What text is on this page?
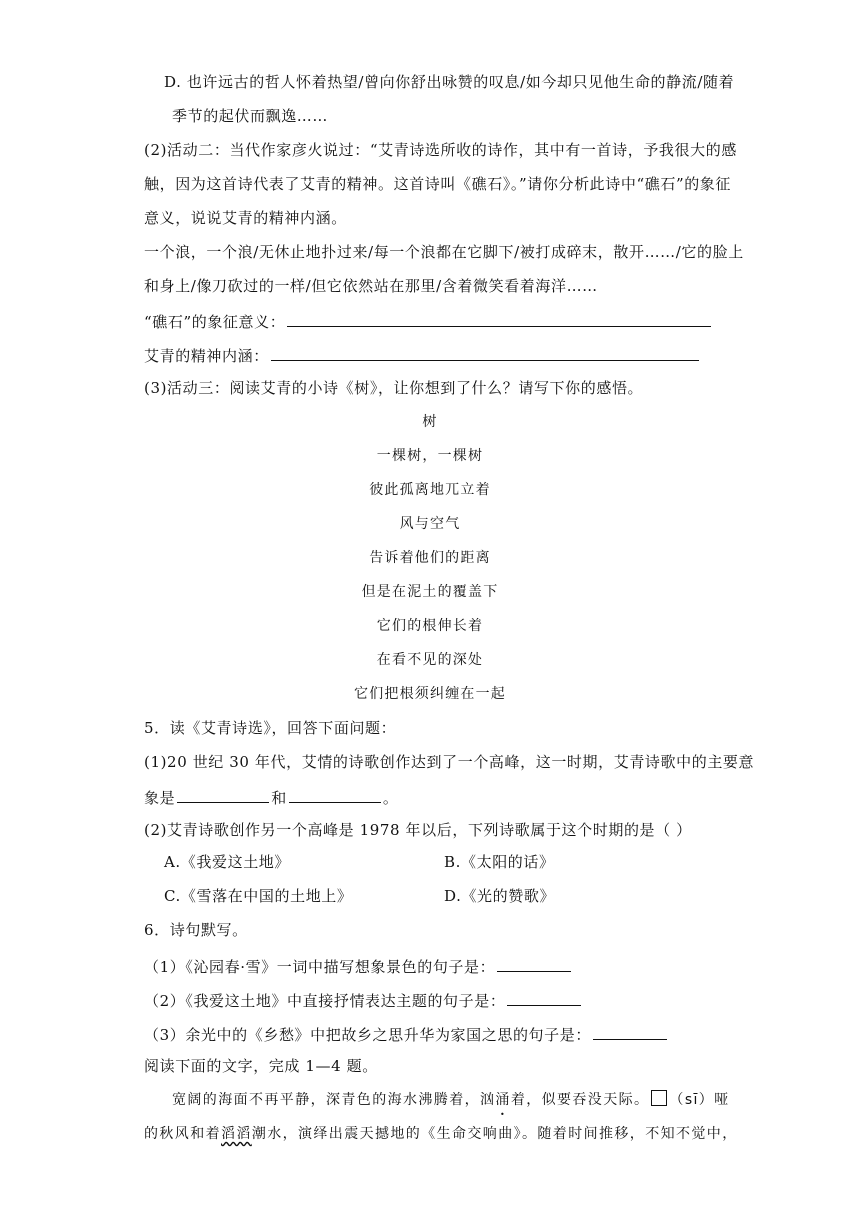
D. 也许远古的哲人怀着热望/曾向你舒出咏赞的叹息/如今却只见他生命的静流/随着
季节的起伏而飘逸……
(2)活动二：当代作家彦火说过：“艾青诗选所收的诗作，其中有一首诗，予我很大的感
触，因为这首诗代表了艾青的精神。这首诗叫《礁石》。”请你分析此诗中“礁石”的象征
意义，说说艾青的精神内涵。
一个浪，一个浪/无休止地扑过来/每一个浪都在它脚下/被打成碎末，散开……/它的脸上
和身上/像刀砍过的一样/但它依然站在那里/含着微笑看着海洋……
“礁石”的象征意义：
艾青的精神内涵：
(3)活动三：阅读艾青的小诗《树》，让你想到了什么？请写下你的感悟。
树
一棵树，一棵树
彼此孤离地兀立着
风与空气
告诉着他们的距离
但是在泥土的覆盖下
它们的根伸长着
在看不见的深处
它们把根须纠缠在一起
5．读《艾青诗选》，回答下面问题：
(1)20 世纪 30 年代，艾情的诗歌创作达到了一个高峰，这一时期，艾青诗歌中的主要意
象是	和	。
(2)艾青诗歌创作另一个高峰是 1978 年以后，下列诗歌属于这个时期的是（ ）
A.《我爱这土地》	B.《太阳的话》
C.《雪落在中国的土地上》	D.《光的赞歌》
6．诗句默写。
（1）《沁园春·雪》一词中描写想象景色的句子是：
（2）《我爱这土地》中直接抒情表达主题的句子是：
（3）余光中的《乡愁》中把故乡之思升华为家国之思的句子是：
阅读下面的文字，完成 1—4 题。
宽阔的海面不再平静，深青色的海水沸腾着，汹涌着，似要吞没天际。 （sī）哑
的秋风和着滔滔潮水，演绎出震天撼地的《生命交响曲》。随着时间推移，不知不觉中，
